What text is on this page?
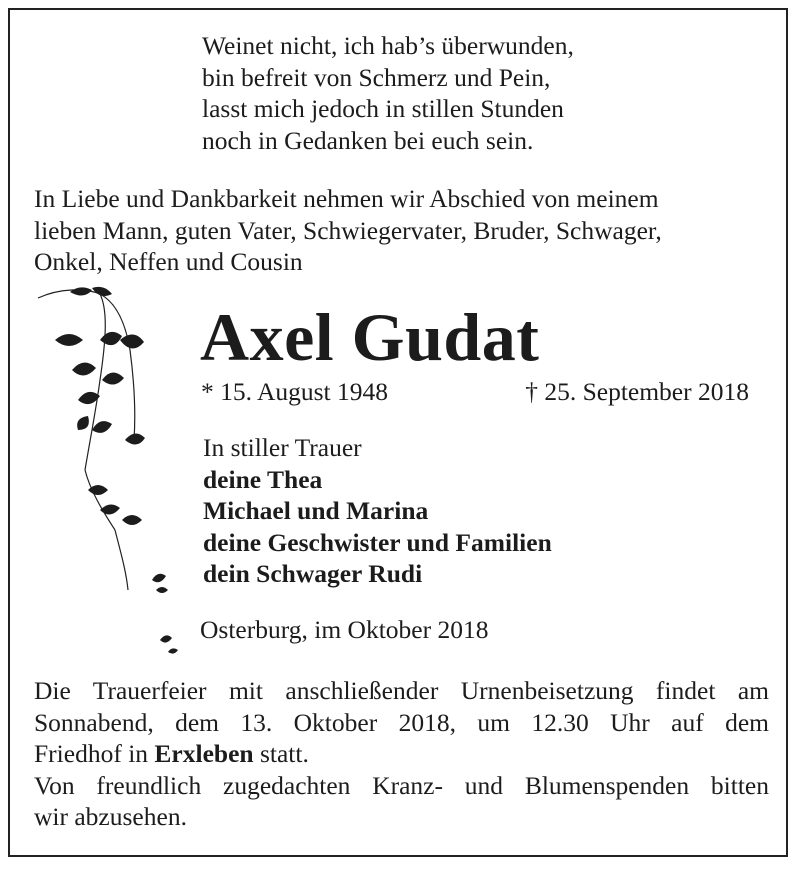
Weinet nicht, ich hab’s überwunden,
bin befreit von Schmerz und Pein,
lasst mich jedoch in stillen Stunden
noch in Gedanken bei euch sein.
In Liebe und Dankbarkeit nehmen wir Abschied von meinem
lieben Mann, guten Vater, Schwiegervater, Bruder, Schwager,
Onkel, Neffen und Cousin
Axel Gudat
* 15. August 1948	† 25. September 2018
In stiller Trauer
deine Thea
Michael und Marina
deine Geschwister und Familien
dein Schwager Rudi
Osterburg, im Oktober 2018
Die Trauerfeier mit anschließender Urnenbeisetzung findet am
Sonnabend, dem 13. Oktober 2018, um 12.30 Uhr auf dem
Friedhof in Erxleben statt.
Von freundlich zugedachten Kranz- und Blumenspenden bitten
wir abzusehen.
